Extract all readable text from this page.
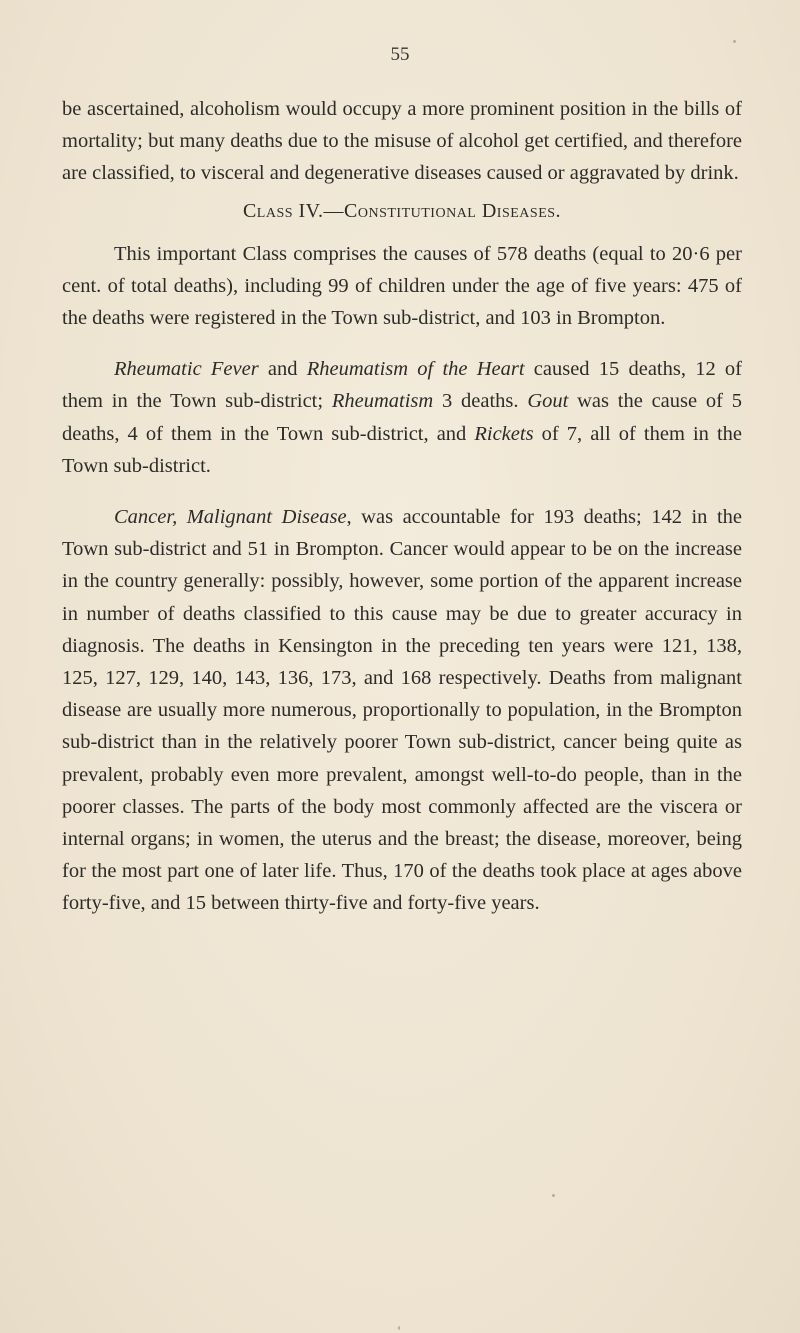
55

be ascertained, alcoholism would occupy a more prominent position in the bills of mortality; but many deaths due to the misuse of alcohol get certified, and therefore are classified, to visceral and degenerative diseases caused or aggravated by drink.

Class IV.—Constitutional Diseases.

This important Class comprises the causes of 578 deaths (equal to 20·6 per cent. of total deaths), including 99 of children under the age of five years: 475 of the deaths were registered in the Town sub-district, and 103 in Brompton.

Rheumatic Fever and Rheumatism of the Heart caused 15 deaths, 12 of them in the Town sub-district; Rheumatism 3 deaths. Gout was the cause of 5 deaths, 4 of them in the Town sub-district, and Rickets of 7, all of them in the Town sub-district.

Cancer, Malignant Disease, was accountable for 193 deaths; 142 in the Town sub-district and 51 in Brompton. Cancer would appear to be on the increase in the country generally: possibly, however, some portion of the apparent increase in number of deaths classified to this cause may be due to greater accuracy in diagnosis. The deaths in Kensington in the preceding ten years were 121, 138, 125, 127, 129, 140, 143, 136, 173, and 168 respectively. Deaths from malignant disease are usually more numerous, proportionally to population, in the Brompton sub-district than in the relatively poorer Town sub-district, cancer being quite as prevalent, probably even more prevalent, amongst well-to-do people, than in the poorer classes. The parts of the body most commonly affected are the viscera or internal organs; in women, the uterus and the breast; the disease, moreover, being for the most part one of later life. Thus, 170 of the deaths took place at ages above forty-five, and 15 between thirty-five and forty-five years.
